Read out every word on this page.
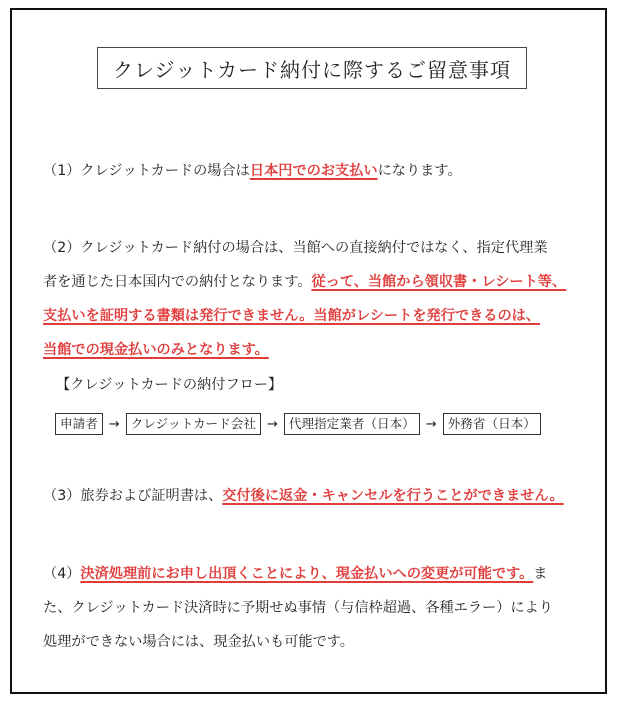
クレジットカード納付に際するご留意事項
（1）クレジットカードの場合は日本円でのお支払いになります。
（2）クレジットカード納付の場合は、当館への直接納付ではなく、指定代理業
者を通じた日本国内での納付となります。従って、当館から領収書・レシート等、
支払いを証明する書類は発行できません。当館がレシートを発行できるのは、
当館での現金払いのみとなります。
【クレジットカードの納付フロー】
申請者 → クレジットカード会社 → 代理指定業者（日本） → 外務省（日本）
（3）旅券および証明書は、交付後に返金・キャンセルを行うことができません。
（4）決済処理前にお申し出頂くことにより、現金払いへの変更が可能です。ま
た、クレジットカード決済時に予期せぬ事情（与信枠超過、各種エラー）により
処理ができない場合には、現金払いも可能です。
